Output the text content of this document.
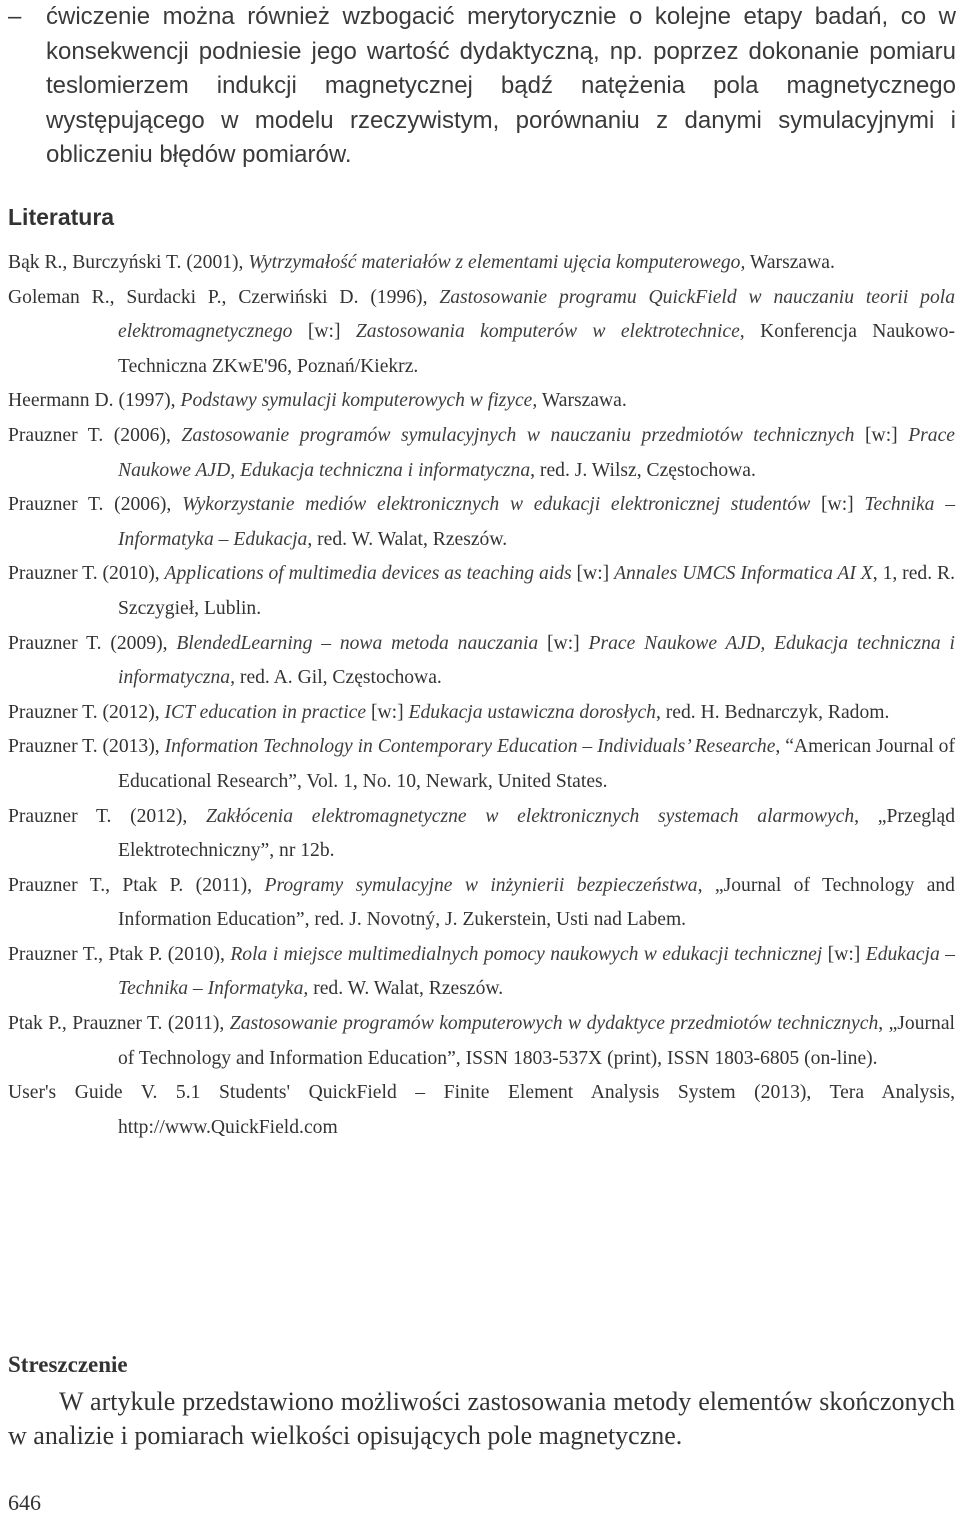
–	ćwiczenie można również wzbogacić merytorycznie o kolejne etapy badań, co w konsekwencji podniesie jego wartość dydaktyczną, np. poprzez dokonanie pomiaru teslomierzem indukcji magnetycznej bądź natężenia pola magnetycznego występującego w modelu rzeczywistym, porównaniu z danymi symulacyjnymi i obliczeniu błędów pomiarów.
Literatura

Bąk R., Burczyński T. (2001), Wytrzymałość materiałów z elementami ujęcia komputerowego, Warszawa.

Goleman R., Surdacki P., Czerwiński D. (1996), Zastosowanie programu QuickField w nauczaniu teorii pola elektromagnetycznego [w:] Zastosowania komputerów w elektrotechnice, Konferencja Naukowo-Techniczna ZKwE'96, Poznań/Kiekrz.

Heermann D. (1997), Podstawy symulacji komputerowych w fizyce, Warszawa.

Prauzner T. (2006), Zastosowanie programów symulacyjnych w nauczaniu przedmiotów technicznych [w:] Prace Naukowe AJD, Edukacja techniczna i informatyczna, red. J. Wilsz, Częstochowa.

Prauzner T. (2006), Wykorzystanie mediów elektronicznych w edukacji elektronicznej studentów [w:] Technika – Informatyka – Edukacja, red. W. Walat, Rzeszów.

Prauzner T. (2010), Applications of multimedia devices as teaching aids [w:] Annales UMCS Informatica AI X, 1, red. R. Szczygieł, Lublin.

Prauzner T. (2009), BlendedLearning – nowa metoda nauczania [w:] Prace Naukowe AJD, Edukacja techniczna i informatyczna, red. A. Gil, Częstochowa.

Prauzner T. (2012), ICT education in practice [w:] Edukacja ustawiczna dorosłych, red. H. Bednarczyk, Radom.

Prauzner T. (2013), Information Technology in Contemporary Education – Individuals’ Researche, “American Journal of Educational Research”, Vol. 1, No. 10, Newark, United States.

Prauzner T. (2012), Zakłócenia elektromagnetyczne w elektronicznych systemach alarmowych, „Przegląd Elektrotechniczny”, nr 12b.

Prauzner T., Ptak P. (2011), Programy symulacyjne w inżynierii bezpieczeństwa, „Journal of Technology and Information Education”, red. J. Novotný, J. Zukerstein, Usti nad Labem.

Prauzner T., Ptak P. (2010), Rola i miejsce multimedialnych pomocy naukowych w edukacji technicznej [w:] Edukacja – Technika – Informatyka, red. W. Walat, Rzeszów.

Ptak P., Prauzner T. (2011), Zastosowanie programów komputerowych w dydaktyce przedmiotów technicznych, „Journal of Technology and Information Education”, ISSN 1803-537X (print), ISSN 1803-6805 (on-line).

User's Guide V. 5.1 Students' QuickField – Finite Element Analysis System (2013), Tera Analysis, http://www.QuickField.com

Streszczenie
W artykule przedstawiono możliwości zastosowania metody elementów skończonych w analizie i pomiarach wielkości opisujących pole magnetyczne.
646
